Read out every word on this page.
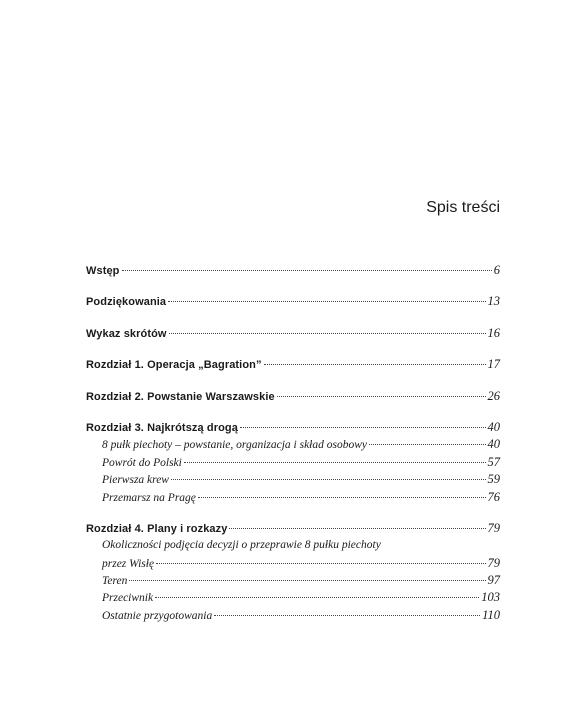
Spis treści
Wstęp	6
Podziękowania	13
Wykaz skrótów	16
Rozdział 1. Operacja „Bagration”	17
Rozdział 2. Powstanie Warszawskie	26
Rozdział 3. Najkrótszą drogą	40
8 pułk piechoty – powstanie, organizacja i skład osobowy	40
Powrót do Polski	57
Pierwsza krew	59
Przemarsz na Pragę	76
Rozdział 4. Plany i rozkazy	79
Okoliczności podjęcia decyzji o przeprawie 8 pułku piechoty
przez Wisłę	79
Teren	97
Przeciwnik	103
Ostatnie przygotowania	110
